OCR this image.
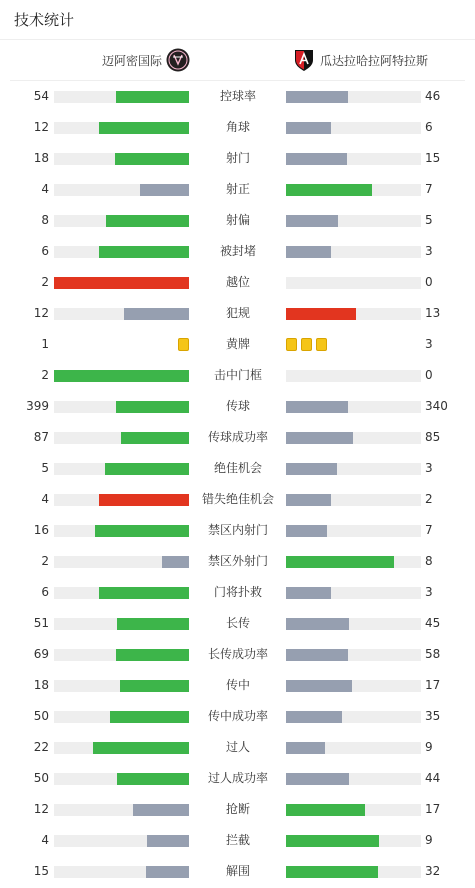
技术统计
迈阿密国际	瓜达拉哈拉阿特拉斯
54	控球率	46
12	角球	6
18	射门	15
4	射正	7
8	射偏	5
6	被封堵	3
2	越位	0
12	犯规	13
1	黄牌	3
2	击中门框	0
399	传球	340
87	传球成功率	85
5	绝佳机会	3
4	错失绝佳机会	2
16	禁区内射门	7
2	禁区外射门	8
6	门将扑救	3
51	长传	45
69	长传成功率	58
18	传中	17
50	传中成功率	35
22	过人	9
50	过人成功率	44
12	抢断	17
4	拦截	9
15	解围	32
